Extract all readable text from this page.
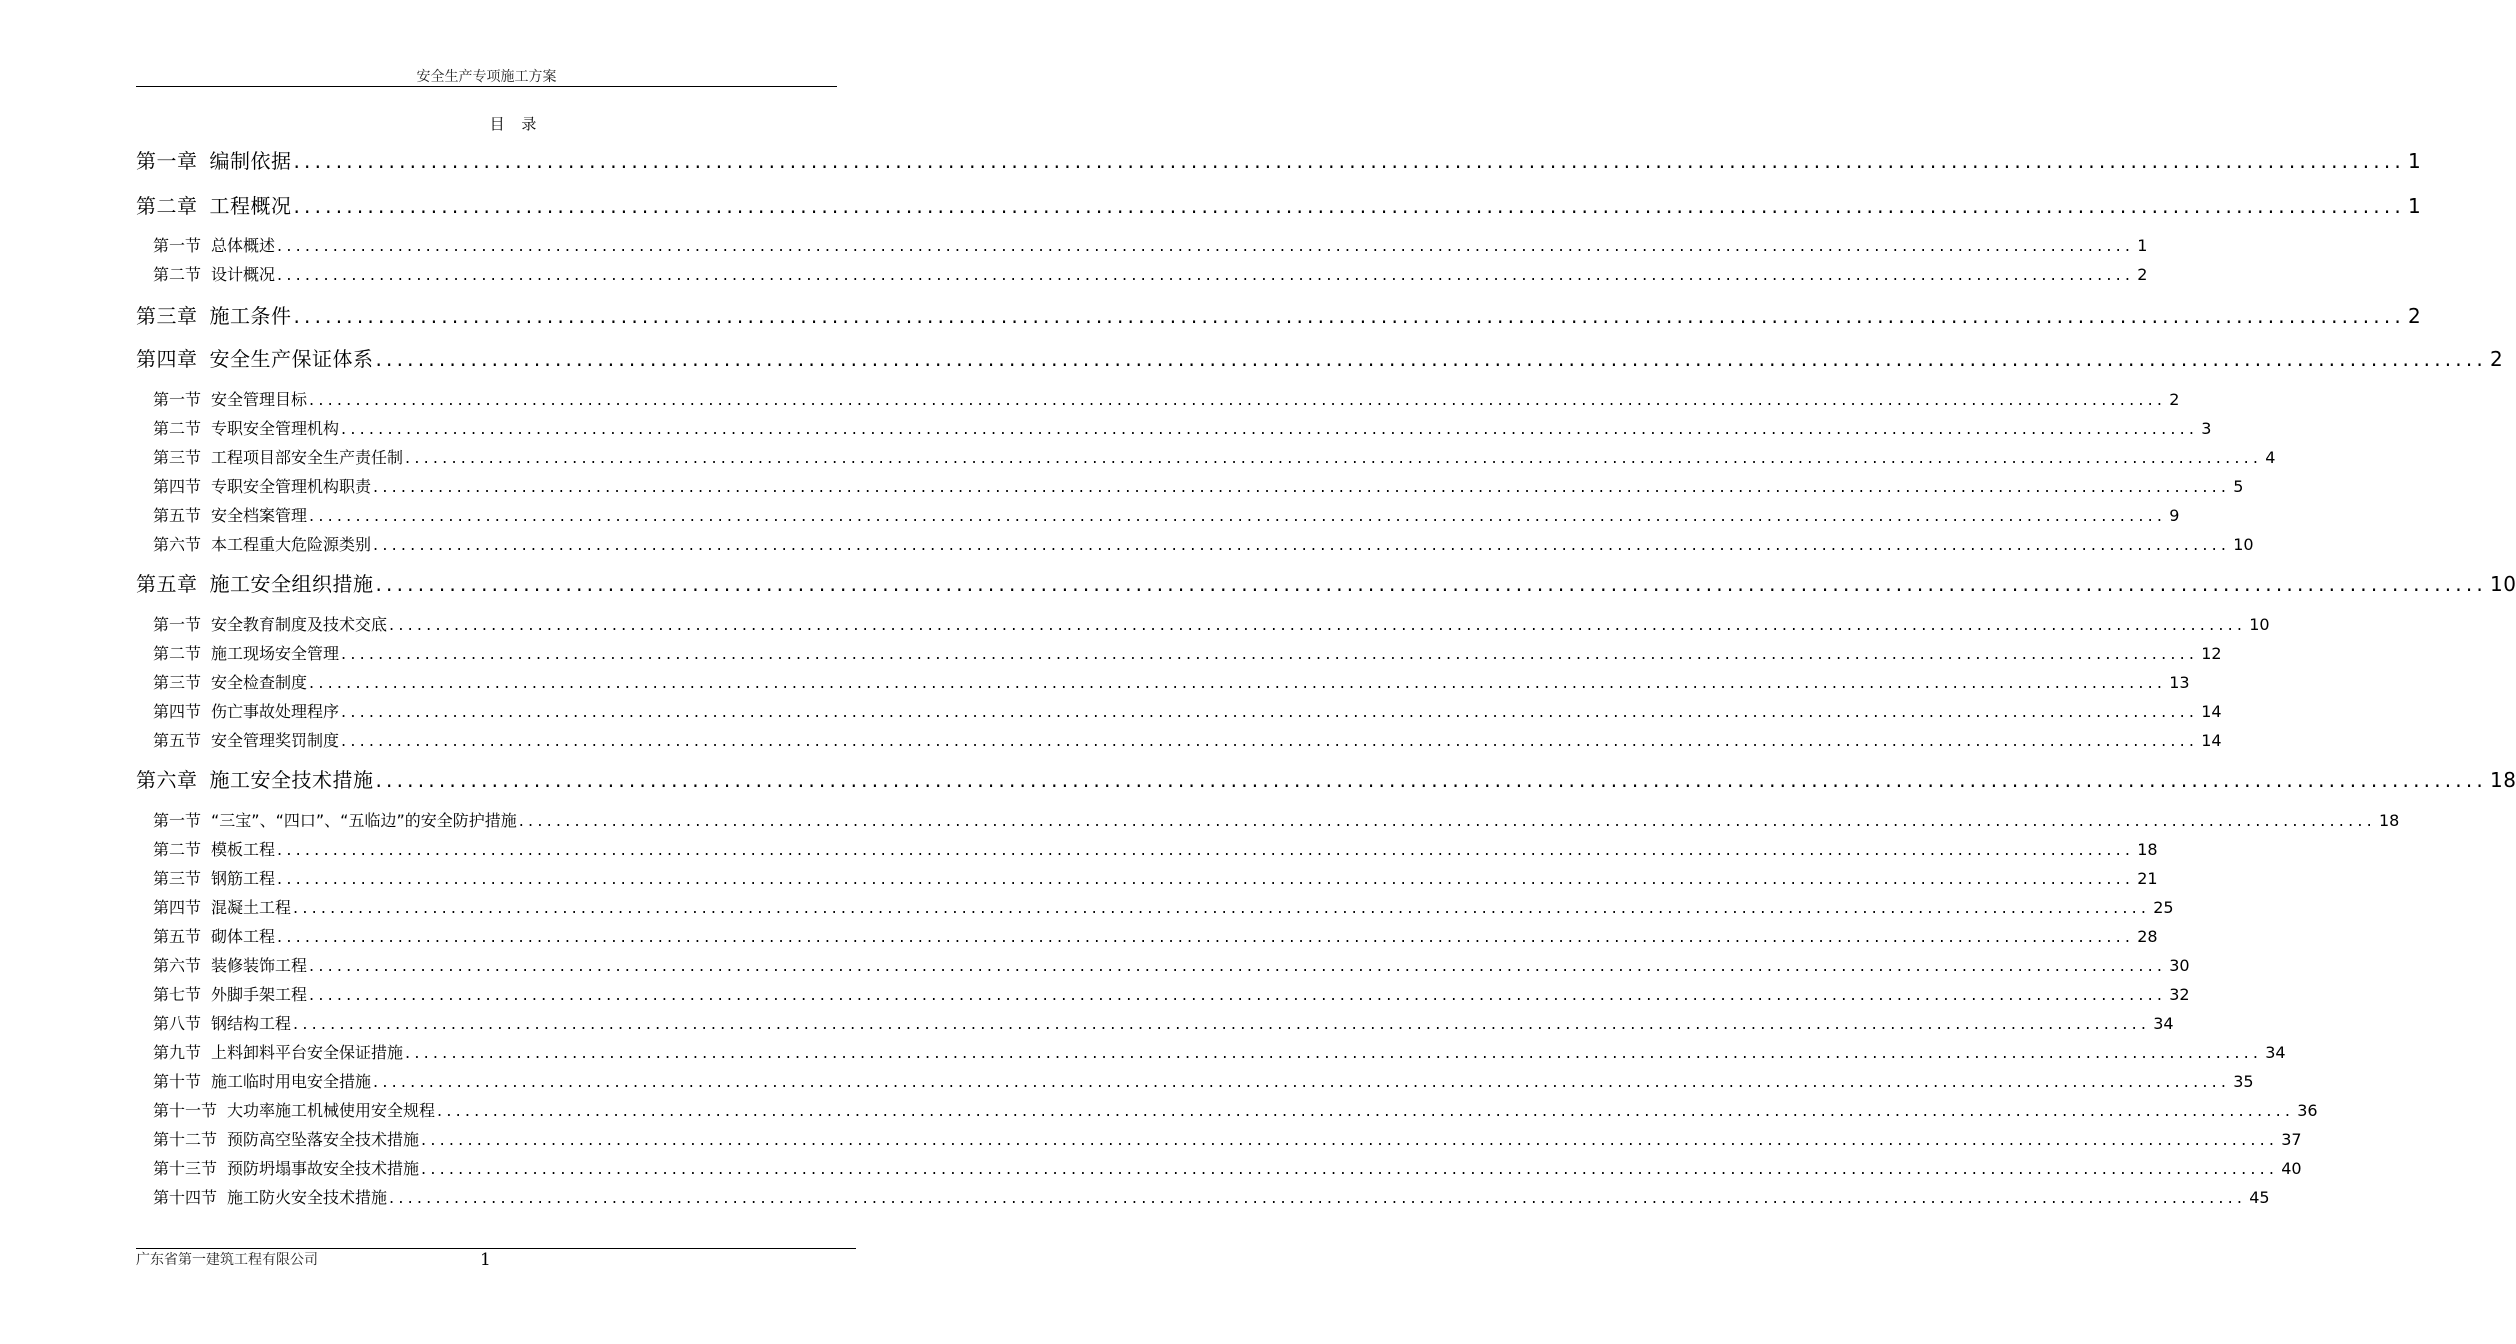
安全生产专项施工方案
目 录
第一章 编制依据 ........................................................................................................................................................................................................ 1
第二章 工程概况 ........................................................................................................................................................................................................ 1
第一节 总体概述 ........................................................................................................................................................................................................ 1
第二节 设计概况 ........................................................................................................................................................................................................ 2
第三章 施工条件 ........................................................................................................................................................................................................ 2
第四章 安全生产保证体系 ........................................................................................................................................................................................................ 2
第一节 安全管理目标 ........................................................................................................................................................................................................ 2
第二节 专职安全管理机构 ........................................................................................................................................................................................................ 3
第三节 工程项目部安全生产责任制 ........................................................................................................................................................................................................ 4
第四节 专职安全管理机构职责 ........................................................................................................................................................................................................ 5
第五节 安全档案管理 ........................................................................................................................................................................................................ 9
第六节 本工程重大危险源类别 ........................................................................................................................................................................................................ 10
第五章 施工安全组织措施 ........................................................................................................................................................................................................ 10
第一节 安全教育制度及技术交底 ........................................................................................................................................................................................................ 10
第二节 施工现场安全管理 ........................................................................................................................................................................................................ 12
第三节 安全检查制度 ........................................................................................................................................................................................................ 13
第四节 伤亡事故处理程序 ........................................................................................................................................................................................................ 14
第五节 安全管理奖罚制度 ........................................................................................................................................................................................................ 14
第六章 施工安全技术措施 ........................................................................................................................................................................................................ 18
第一节 “三宝”、“四口”、“五临边”的安全防护措施 ........................................................................................................................................................................................................ 18
第二节 模板工程 ........................................................................................................................................................................................................ 18
第三节 钢筋工程 ........................................................................................................................................................................................................ 21
第四节 混凝土工程 ........................................................................................................................................................................................................ 25
第五节 砌体工程 ........................................................................................................................................................................................................ 28
第六节 装修装饰工程 ........................................................................................................................................................................................................ 30
第七节 外脚手架工程 ........................................................................................................................................................................................................ 32
第八节 钢结构工程 ........................................................................................................................................................................................................ 34
第九节 上料卸料平台安全保证措施 ........................................................................................................................................................................................................ 34
第十节 施工临时用电安全措施 ........................................................................................................................................................................................................ 35
第十一节 大功率施工机械使用安全规程 ........................................................................................................................................................................................................ 36
第十二节 预防高空坠落安全技术措施 ........................................................................................................................................................................................................ 37
第十三节 预防坍塌事故安全技术措施 ........................................................................................................................................................................................................ 40
第十四节 施工防火安全技术措施 ........................................................................................................................................................................................................ 45
广东省第一建筑工程有限公司	1
